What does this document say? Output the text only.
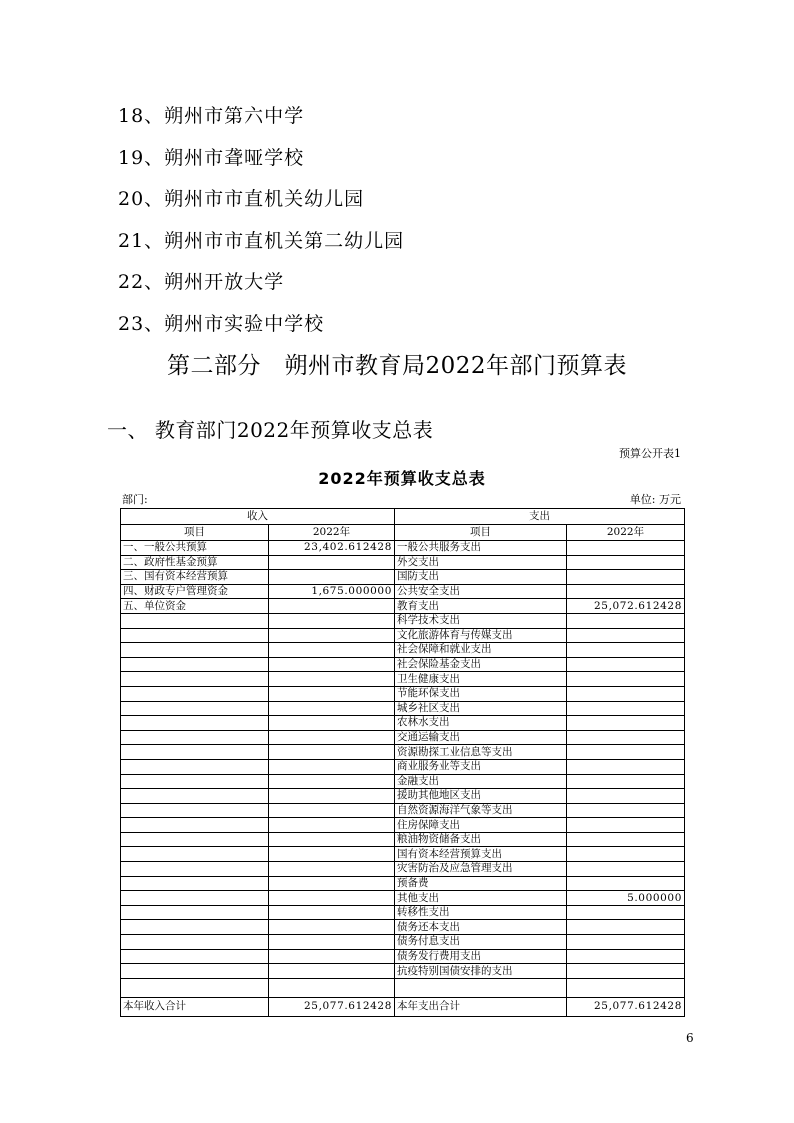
18、朔州市第六中学
19、朔州市聋哑学校
20、朔州市市直机关幼儿园
21、朔州市市直机关第二幼儿园
22、朔州开放大学
23、朔州市实验中学校
第二部分　朔州市教育局2022年部门预算表
一、 教育部门2022年预算收支总表
预算公开表1
2022年预算收支总表
部门:	单位: 万元
收入		支出	
项目	2022年	项目	2022年
一、一般公共预算	23,402.612428	一般公共服务支出	
二、政府性基金预算		外交支出	
三、国有资本经营预算		国防支出	
四、财政专户管理资金	1,675.000000	公共安全支出	
五、单位资金		教育支出	25,072.612428
		科学技术支出	
		文化旅游体育与传媒支出	
		社会保障和就业支出	
		社会保险基金支出	
		卫生健康支出	
		节能环保支出	
		城乡社区支出	
		农林水支出	
		交通运输支出	
		资源勘探工业信息等支出	
		商业服务业等支出	
		金融支出	
		援助其他地区支出	
		自然资源海洋气象等支出	
		住房保障支出	
		粮油物资储备支出	
		国有资本经营预算支出	
		灾害防治及应急管理支出	
		预备费	
		其他支出	5.000000
		转移性支出	
		债务还本支出	
		债务付息支出	
		债务发行费用支出	
		抗疫特别国债安排的支出	

本年收入合计	25,077.612428	本年支出合计	25,077.612428
6
